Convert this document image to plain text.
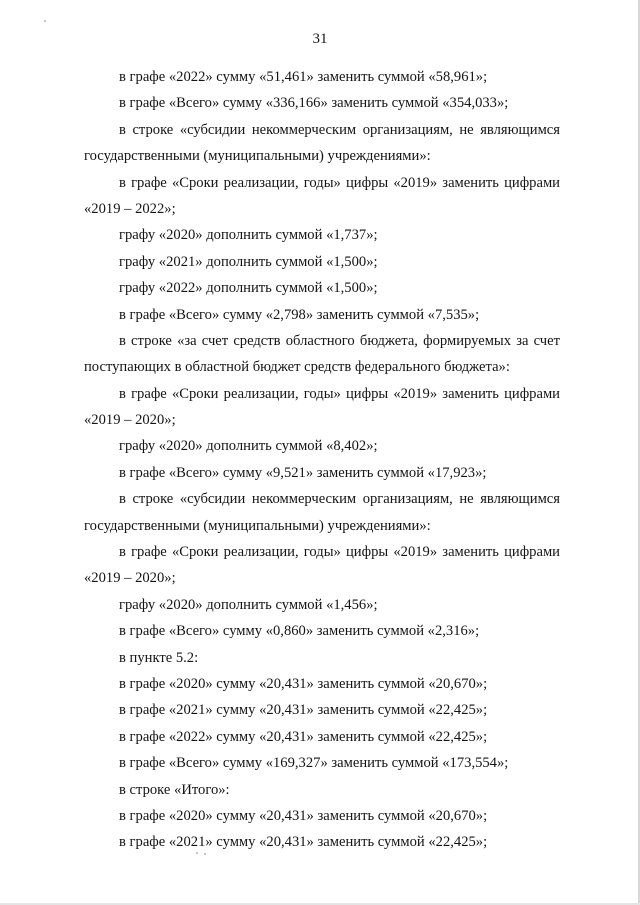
31
в графе «2022» сумму «51,461» заменить суммой «58,961»;
в графе «Всего» сумму «336,166» заменить суммой «354,033»;
в строке «субсидии некоммерческим организациям, не являющимся
государственными (муниципальными) учреждениями»:
в графе «Сроки реализации, годы» цифры «2019» заменить цифрами
«2019 – 2022»;
графу «2020» дополнить суммой «1,737»;
графу «2021» дополнить суммой «1,500»;
графу «2022» дополнить суммой «1,500»;
в графе «Всего» сумму «2,798» заменить суммой «7,535»;
в строке «за счет средств областного бюджета, формируемых за счет
поступающих в областной бюджет средств федерального бюджета»:
в графе «Сроки реализации, годы» цифры «2019» заменить цифрами
«2019 – 2020»;
графу «2020» дополнить суммой «8,402»;
в графе «Всего» сумму «9,521» заменить суммой «17,923»;
в строке «субсидии некоммерческим организациям, не являющимся
государственными (муниципальными) учреждениями»:
в графе «Сроки реализации, годы» цифры «2019» заменить цифрами
«2019 – 2020»;
графу «2020» дополнить суммой «1,456»;
в графе «Всего» сумму «0,860» заменить суммой «2,316»;
в пункте 5.2:
в графе «2020» сумму «20,431» заменить суммой «20,670»;
в графе «2021» сумму «20,431» заменить суммой «22,425»;
в графе «2022» сумму «20,431» заменить суммой «22,425»;
в графе «Всего» сумму «169,327» заменить суммой «173,554»;
в строке «Итого»:
в графе «2020» сумму «20,431» заменить суммой «20,670»;
в графе «2021» сумму «20,431» заменить суммой «22,425»;
